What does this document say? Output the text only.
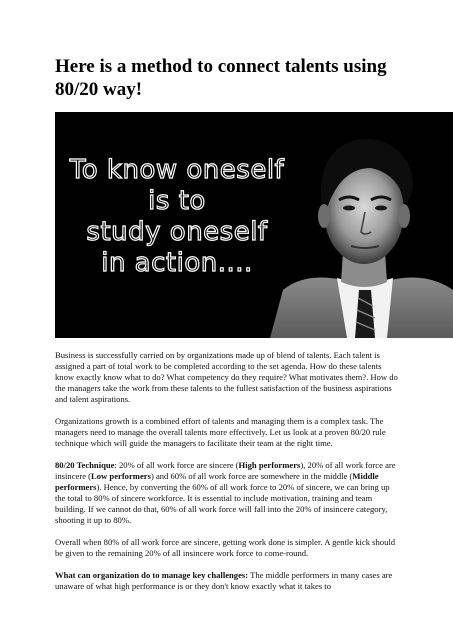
Here is a method to connect talents using 80/20 way!
To know oneself
is to
study oneself
in action....

Business is successfully carried on by organizations made up of blend of talents. Each talent is assigned a part of total work to be completed according to the set agenda. How do these talents know exactly know what to do? What competency do they require? What motivates them?. How do the managers take the work from these talents to the fullest satisfaction of the business aspirations and talent aspirations.

Organizations growth is a combined effort of talents and managing them is a complex task. The managers need to manage the overall talents more effectively. Let us look at a proven 80/20 rule technique which will guide the managers to facilitate their team at the right time.

80/20 Technique: 20% of all work force are sincere (High performers), 20% of all work force are insincere (Low performers) and 60% of all work force are somewhere in the middle (Middle performers). Hence, by converting the 60% of all work force to 20% of sincere, we can bring up the total to 80% of sincere workforce. It is essential to include motivation, training and team building. If we cannot do that, 60% of all work force will fall into the 20% of insincere category, shooting it up to 80%.

Overall when 80% of all work force are sincere, getting work done is simpler. A gentle kick should be given to the remaining 20% of all insincere work force to come-round.

What can organization do to manage key challenges: The middle performers in many cases are unaware of what high performance is or they don't know exactly what it takes to
